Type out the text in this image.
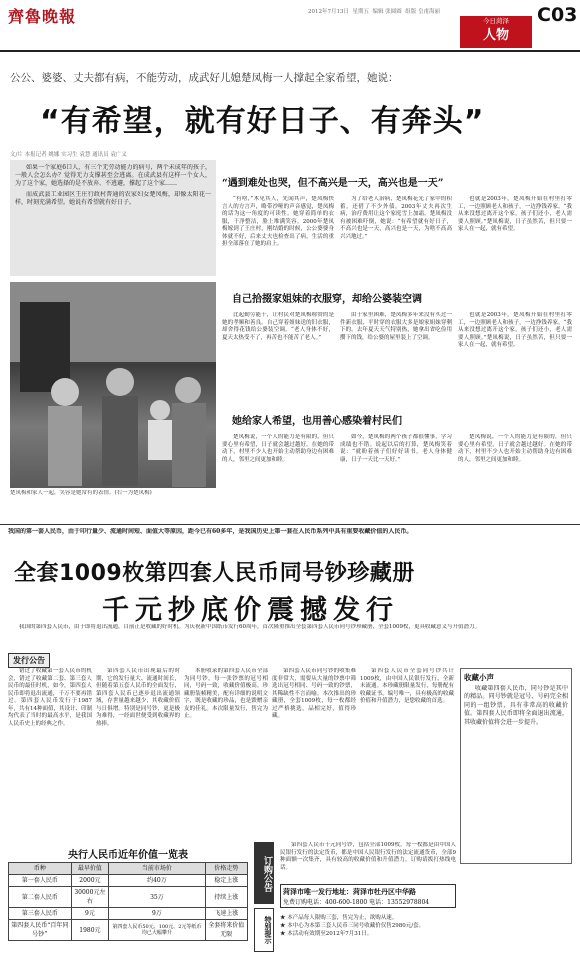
齊魯晚報	2012年7月13日 星期五 编辑 张圆圆 组版 皇甫海丽
今日菏泽
人物
C03
公公、婆婆、丈夫都有病，不能劳动，成武好儿媳楚凤梅一人撑起全家希望，她说：
“有希望，就有好日子、有奔头”
文/片 本报记者 姚娜 实习生 袁慧 通讯员 袁广义
如果一个家庭6口人，有三个无劳动能力的病号，两个未成年的孩子，一般人会怎么办？觉得无力支撑甚至会逃离。在成武县有这样一个女人，为了这个家，她选择的是不放弃、不逃避，撑起了这个家……
而成武县工业园区王庄行政村普通的农家妇女楚凤梅，却像太阳花一样，时刻充满希望。她说有希望就有好日子。
楚凤梅和家人一起，笑容是她常有的表情。(右一为楚凤梅)
“遇到难处也哭，但不高兴是一天，高兴也是一天”
“有啥，”木见其人，先闻其声，楚凤梅快言人的方言声，略带沙哑的声音感觉，楚凤梅的话为这一角度的可读性。她穿着简单的衣服，干净整洁，脸上堆满笑容。2000年楚凤梅嫁到了王庄村，刚结婚的时候，公公婆婆身体就不好，后来丈夫也检查出了病，生活的重担全部落在了她的肩上。
为了给老人治病，楚凤梅花光了家中的积蓄，还借了不少外债。2003年丈夫再次生病，治疗费用让这个家庭雪上加霜。楚凤梅没有被困难吓倒，她说：“有希望就有好日子，不高兴也是一天，高兴也是一天，为啥不高高兴兴地过。”
也就是2003年，楚凤梅开始在村里打零工，一边照顾老人和孩子，一边挣钱养家。“我从来没想过离开这个家，孩子们还小，老人需要人照顾。”楚凤梅说，日子虽然苦，但只要一家人在一起，就有希望。
自己拾掇家姐妹的衣服穿，却给公婆装空调
比起勤劳能干，让村民对楚凤梅称赞的是她的孝顺和善良。自己穿着姐妹送的旧衣服，却舍得花钱给公婆装空调。“老人身体不好，夏天太热受不了，再苦也不能苦了老人。”
由于家里困难，楚凤梅多年来没有买过一件新衣服，平时穿的衣服大多是娘家姐妹穿剩下的。去年夏天天气特别热，她拿出省吃俭用攒下的钱，给公婆的屋里装上了空调。
也就是2003年，楚凤梅开始在村里打零工，一边照顾老人和孩子，一边挣钱养家。“我从来没想过离开这个家，孩子们还小，老人需要人照顾。”楚凤梅说，日子虽然苦，但只要一家人在一起，就有希望。
她给家人希望，也用善心感染着村民们
楚凤梅说，一个人的能力是有限的，但只要心里有希望，日子就会越过越好。在她的带动下，村里不少人也开始主动帮助身边有困难的人，邻里之间更加和睦。
如今，楚凤梅的两个孩子都很懂事，学习成绩也不错。说起以后的打算，楚凤梅笑着说：“就盼着孩子们好好读书，老人身体健康，日子一天比一天好。”
楚凤梅说，一个人的能力是有限的，但只要心里有希望，日子就会越过越好。在她的带动下，村里不少人也开始主动帮助身边有困难的人，邻里之间更加和睦。
我国的第一套人民币，由于印行量少、流通时间短、面值大等原因，距今已有60多年，是我国历史上第一套在人民币系列中具有重要收藏价值的人民币。
全套1009枚第四套人民币同号钞珍藏册
千元抄底价震撼发行
我国的第四套人民币，由于即将退出流通，目前正是收藏的好时机。为庆祝新中国纸币发行60周年，首次隆重推出全套第四套人民币同号钞珍藏册，全套1009枚，更具收藏意义与升值潜力。
发行公告
错过了收藏第一套人民币的机会，错过了收藏第二套、第三套人民币的最佳时机，如今，第四套人民币即将退出流通，千万不要再错过。第四套人民币发行于1987年，共有14种面值，其设计、印制均代表了当时的最高水平，是我国人民币史上的经典之作。
第四套人民币出现最后的时期，它的发行量大、流通时间长，但随着第五套人民币的全面发行，第四套人民币已逐步退出流通领域，存世量越来越少，其收藏价值与日俱增。特别是同号钞，更是极为难得，一经面世便受到收藏界的热捧。
本册收录的第四套人民币全部为同号钞，每一张钞票的冠号相同，号码一致，收藏价值极高。珍藏册装帧精美，配有详细的说明文字，既是收藏的珍品，也是馈赠亲友的佳礼。本次限量发行，售完为止。
第四套人民币同号钞的收集难度非常大，需要从大量的钞票中筛选出冠号相同、号码一致的钞票，其稀缺性不言而喻。本次推出的珍藏册，全套1009枚，每一枚都经过严格挑选，品相完好，值得珍藏。
第四套人民币全套同号钞共计1009枚，由中国人民银行发行，全新未流通。本珍藏册限量发行，每册配有收藏证书，编号唯一，具有极高的收藏价值和升值潜力，是您收藏的首选。
收藏小声
收藏第四套人民币，同号钞是其中的精品。同号钞就是冠号、号码完全相同的一组钞票，具有非常高的收藏价值。第四套人民币即将全面退出流通，其收藏价值将会进一步提升。
央行人民币近年价值一览表
币种	最早价值	当前市场价	价格走势
第一套人民币	2000元	约40万	稳定上涨
第二套人民币	30000元左右	35万	持续上涨
第三套人民币	9元	9万	飞速上涨
第四套人民币“百年同号钞”	1980元	第四套人民币50元、100元、2元等纸币均已大幅攀升	全套将来价值无限
订购公告
特别提示
第四套人民币千元同号钞，包括全部1009枚，每一枚都是由中国人民银行发行的法定货币，都是中国人民银行发行的法定流通货币，全部9种面额一次集齐，具有较高的收藏价值和升值潜力。订购请拨打热线电话。
菏泽市唯一发行地址：菏泽市牡丹区中华路
免费订购电话：400-600-1800 电话：13552978804
★ 本产品每人限购三套，售完为止，欲购从速。
★ 本中心为本第三套人民币三同号收藏价仅售2980元/套。
★ 本活动有效期至2012年7月31日。
